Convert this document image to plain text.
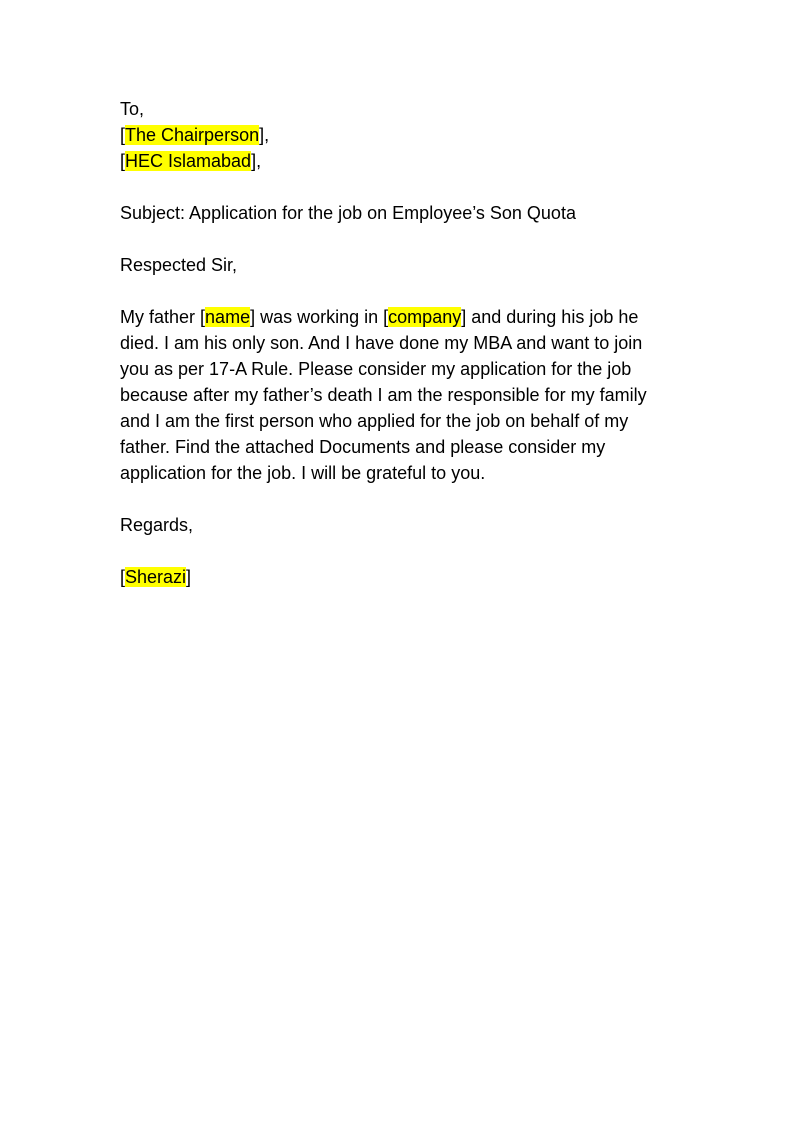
To,
[The Chairperson],
[HEC Islamabad],
Subject: Application for the job on Employee’s Son Quota
Respected Sir,

My father [name] was working in [company] and during his job he died. I am his only son. And I have done my MBA and want to join you as per 17-A Rule. Please consider my application for the job because after my father’s death I am the responsible for my family and I am the first person who applied for the job on behalf of my father. Find the attached Documents and please consider my application for the job. I will be grateful to you.

Regards,
[Sherazi]
